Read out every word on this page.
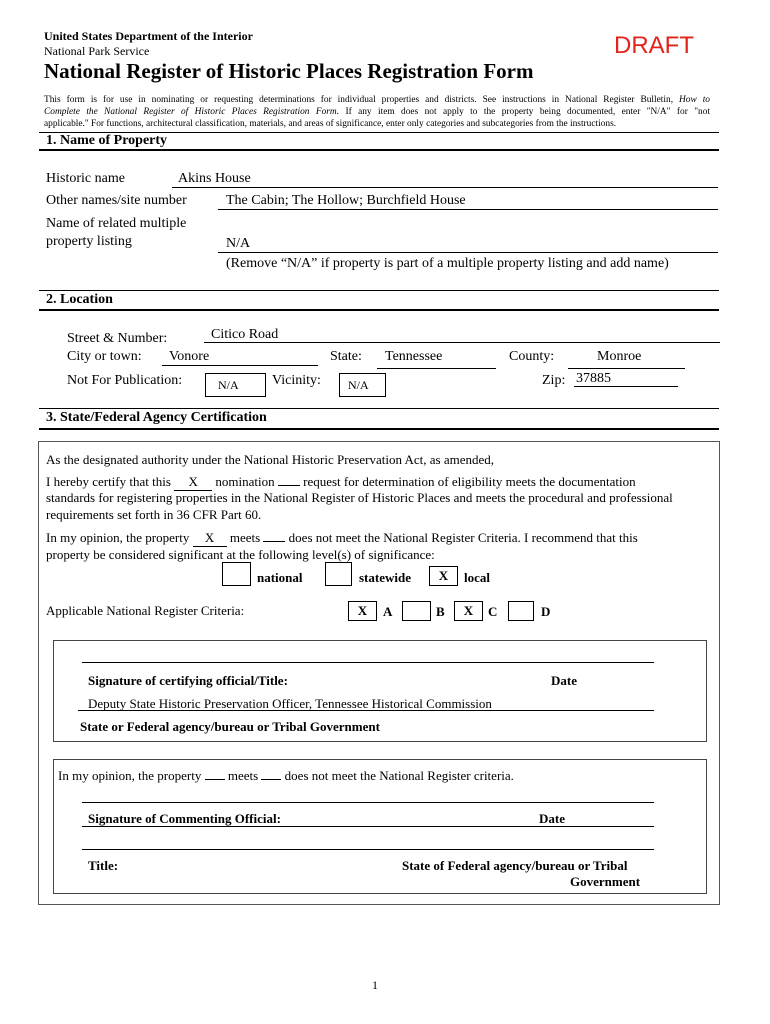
United States Department of the Interior
National Park Service	DRAFT
National Register of Historic Places Registration Form
This form is for use in nominating or requesting determinations for individual properties and districts. See instructions in National Register Bulletin, How to
Complete the National Register of Historic Places Registration Form. If any item does not apply to the property being documented, enter "N/A" for "not
applicable." For functions, architectural classification, materials, and areas of significance, enter only categories and subcategories from the instructions.
1. Name of Property
Historic name	Akins House
Other names/site number	The Cabin; The Hollow; Burchfield House
Name of related multiple
property listing	N/A
(Remove “N/A” if property is part of a multiple property listing and add name)
2. Location
Street & Number:	Citico Road
City or town: Vonore	State: Tennessee	County:	Monroe
Not For Publication:	N/A	Vicinity:	N/A	Zip: 37885
3. State/Federal Agency Certification
As the designated authority under the National Historic Preservation Act, as amended,
I hereby certify that this X nomination  request for determination of eligibility meets the documentation
standards for registering properties in the National Register of Historic Places and meets the procedural and professional
requirements set forth in 36 CFR Part 60.
In my opinion, the property X meets  does not meet the National Register Criteria. I recommend that this
property be considered significant at the following level(s) of significance:
national	statewide	X	local
Applicable National Register Criteria:	X	A	B	X	C	D
Signature of certifying official/Title:	Date
Deputy State Historic Preservation Officer, Tennessee Historical Commission
State or Federal agency/bureau or Tribal Government
In my opinion, the property  meets  does not meet the National Register criteria.
Signature of Commenting Official:	Date
Title:	State of Federal agency/bureau or Tribal
Government
1
